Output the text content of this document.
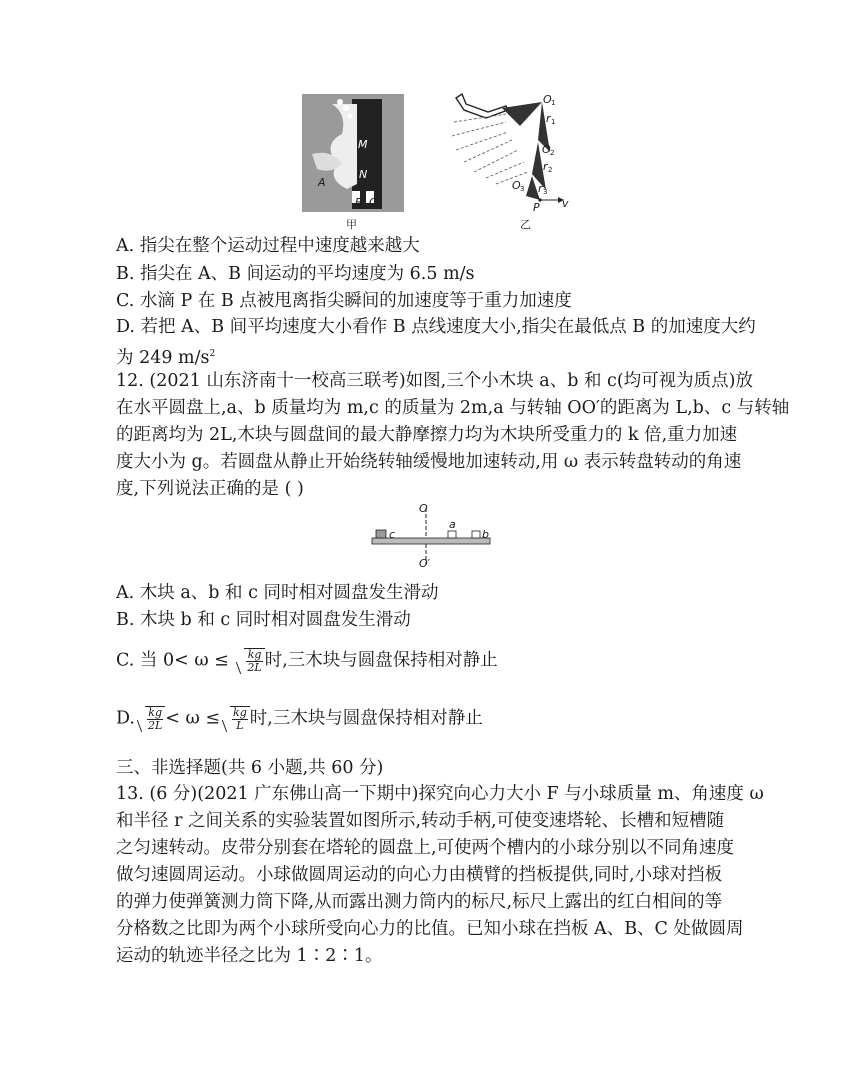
M
N
A
B C
甲
O 1
r 1
O 2
r 2
O 3 r 3
P v
乙
A. 指尖在整个运动过程中速度越来越大
B. 指尖在 A、B 间运动的平均速度为 6.5 m/s
C. 水滴 P 在 B 点被甩离指尖瞬间的加速度等于重力加速度
D. 若把 A、B 间平均速度大小看作 B 点线速度大小,指尖在最低点 B 的加速度大约
为 249 $m/s^2$
12. (2021 山东济南十一校高三联考)如图,三个小木块 a、b 和 c(均可视为质点)放
在水平圆盘上,a、b 质量均为 m,c 的质量为 2m,a 与转轴 OO′的距离为 L,b、c 与转轴
的距离均为 2L,木块与圆盘间的最大静摩擦力均为木块所受重力的 k 倍,重力加速
度大小为 g。若圆盘从静止开始绕转轴缓慢地加速转动,用 ω 表示转盘转动的角速
度,下列说法正确的是 ( )
O
O′
a
b
c
A. 木块 a、b 和 c 同时相对圆盘发生滑动
B. 木块 b 和 c 同时相对圆盘发生滑动
C. 当 $0< \omega \le \frac{kg}{2L}$ 时,三木块与圆盘保持相对静止
D. $\frac{kg}{2L} < \omega \le \frac{kg}{L}$ 时,三木块与圆盘保持相对静止
三、非选择题(共 6 小题,共 60 分)
13. (6 分)(2021 广东佛山高一下期中)探究向心力大小 F 与小球质量 m、角速度 ω
和半径 r 之间关系的实验装置如图所示,转动手柄,可使变速塔轮、长槽和短槽随
之匀速转动。皮带分别套在塔轮的圆盘上,可使两个槽内的小球分别以不同角速度
做匀速圆周运动。小球做圆周运动的向心力由横臂的挡板提供,同时,小球对挡板
的弹力使弹簧测力筒下降,从而露出测力筒内的标尺,标尺上露出的红白相间的等
分格数之比即为两个小球所受向心力的比值。已知小球在挡板 A、B、C 处做圆周
运动的轨迹半径之比为 1∶2∶1。
